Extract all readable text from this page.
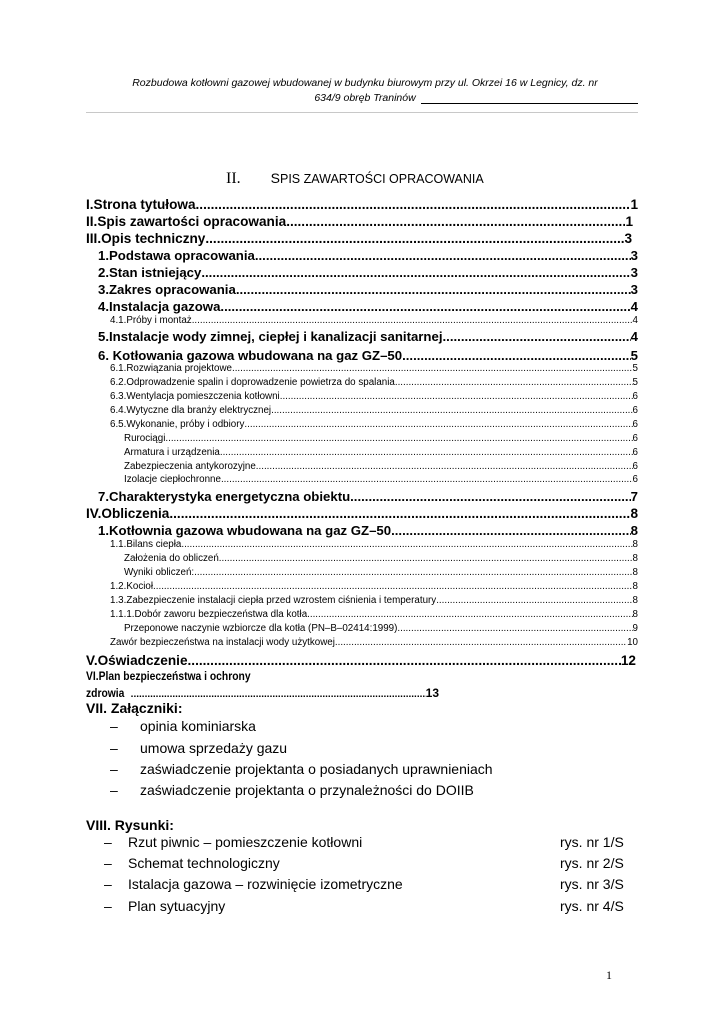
Rozbudowa kotłowni gazowej wbudowanej w budynku biurowym przy ul. Okrzei 16 w Legnicy, dz. nr
634/9 obręb Traninów
II. SPIS ZAWARTOŚCI OPRACOWANIA
I.Strona tytułowa .....	1
II.Spis zawartości opracowania .....	1
III.Opis techniczny .....	3
1.Podstawa opracowania .....	3
2.Stan istniejący .....	3
3.Zakres opracowania .....	3
4.Instalacja gazowa .....	4
4.1.Próby i montaż .....	4
5.Instalacje wody zimnej, ciepłej i kanalizacji sanitarnej .....	4
6. Kotłowania gazowa wbudowana na gaz GZ–50 .....	5
6.1.Rozwiązania projektowe .....	5
6.2.Odprowadzenie spalin i doprowadzenie powietrza do spalania .....	5
6.3.Wentylacja pomieszczenia kotłowni .....	6
6.4.Wytyczne dla branży elektrycznej .....	6
6.5.Wykonanie, próby i odbiory .....	6
Rurociągi .....	6
Armatura i urządzenia .....	6
Zabezpieczenia antykorozyjne .....	6
Izolacje ciepłochronne .....	6
7.Charakterystyka energetyczna obiektu .....	7
IV.Obliczenia .....	8
1.Kotłownia gazowa wbudowana na gaz GZ–50 .....	8
1.1.Bilans ciepła .....	8
Założenia do obliczeń .....	8
Wyniki obliczeń: .....	8
1.2.Kocioł .....	8
1.3.Zabezpieczenie instalacji ciepła przed wzrostem ciśnienia i temperatury .....	8
1.1.1.Dobór zaworu bezpieczeństwa dla kotła .....	8
Przeponowe naczynie wzbiorcze dla kotła (PN–B–02414:1999) .....	9
Zawór bezpieczeństwa na instalacji wody użytkowej .....	10
V.Oświadczenie .....	12
VI.Plan bezpieczeństwa i ochrony
zdrowia .....	13
VII. Załączniki:
– opinia kominiarska
– umowa sprzedaży gazu
– zaświadczenie projektanta o posiadanych uprawnieniach
– zaświadczenie projektanta o przynależności do DOIIB
VIII. Rysunki:
– Rzut piwnic – pomieszczenie kotłowni	rys. nr 1/S
– Schemat technologiczny	rys. nr 2/S
– Istalacja gazowa – rozwinięcie izometryczne	rys. nr 3/S
– Plan sytuacyjny	rys. nr 4/S
1
